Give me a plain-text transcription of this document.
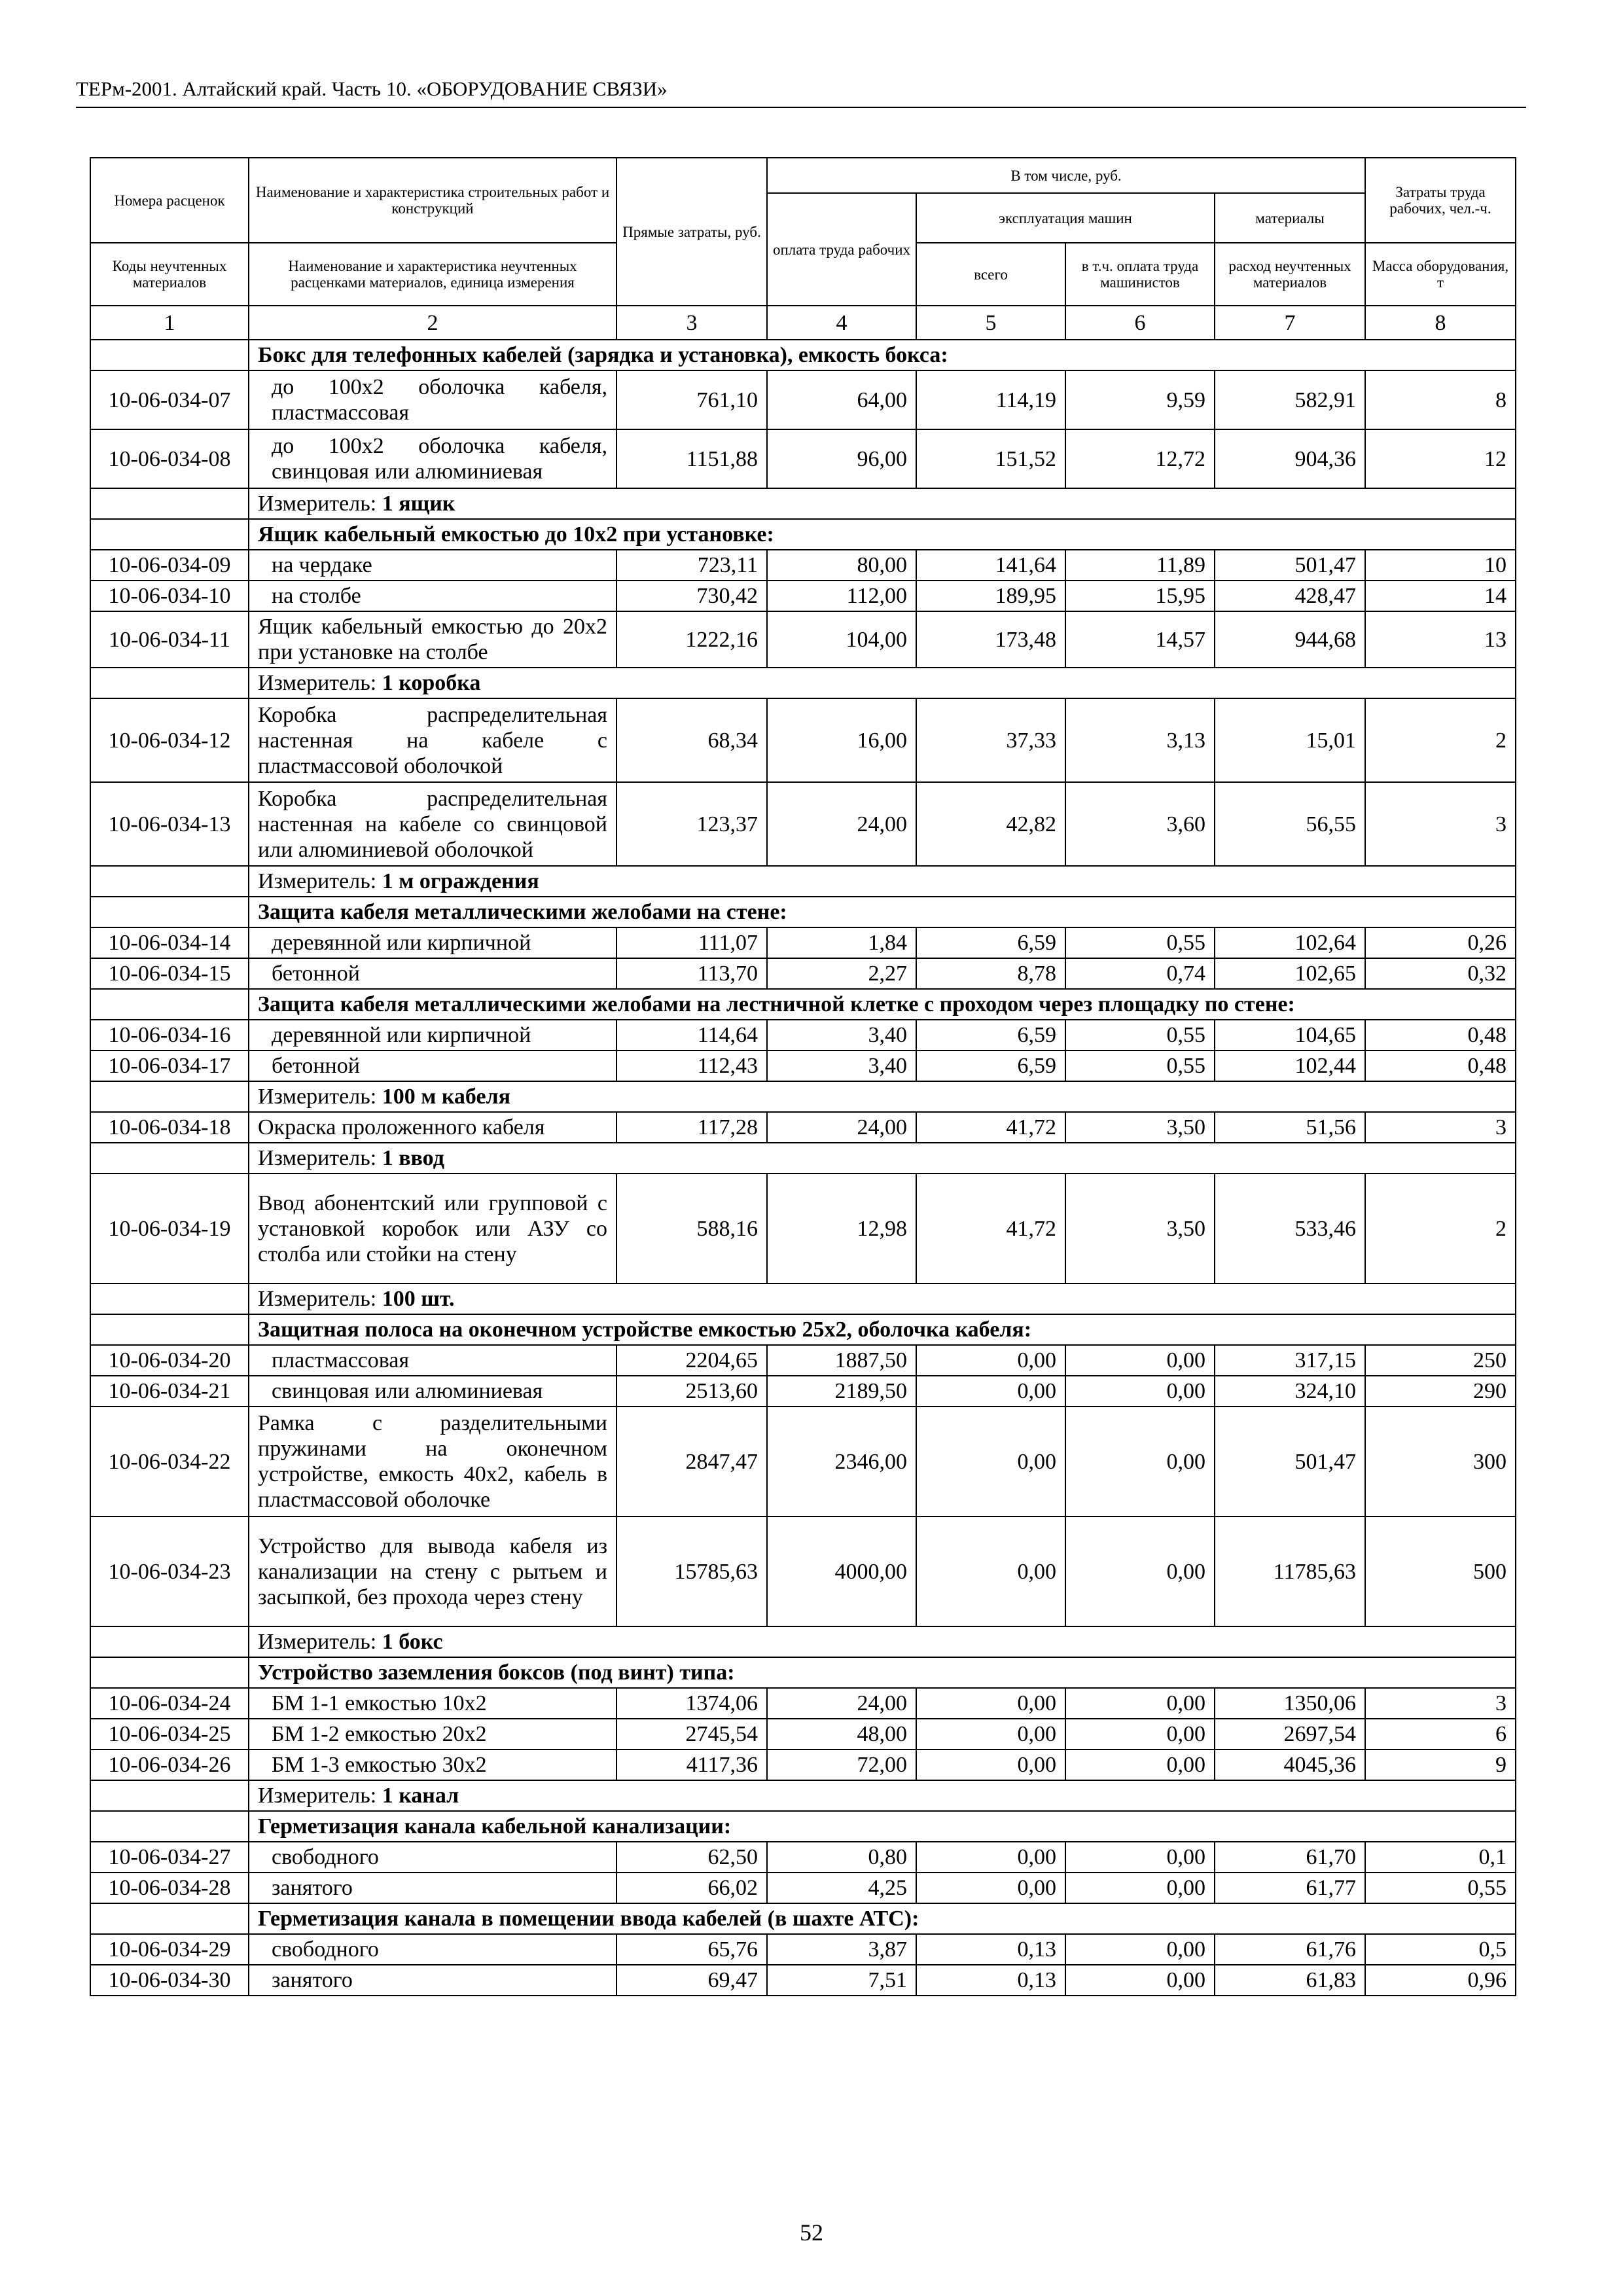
ТЕРм-2001. Алтайский край. Часть 10. «ОБОРУДОВАНИЕ СВЯЗИ»
Номера расценок	Наименование и характеристика строительных работ и конструкций	Прямые затраты, руб.	В том числе, руб.				Затраты труда рабочих, чел.-ч.
			оплата труда рабочих	эксплуатация машин		материалы	
Коды неучтенных материалов	Наименование и характеристика неучтенных расценками материалов, единица измерения			всего	в т.ч. оплата труда машинистов	расход неучтенных материалов	Масса оборудования, т
1	2	3	4	5	6	7	8
	Бокс для телефонных кабелей (зарядка и установка), емкость бокса:						
10-06-034-07	до 100х2 оболочка кабеля, пластмассовая	761,10	64,00	114,19	9,59	582,91	8
10-06-034-08	до 100х2 оболочка кабеля, свинцовая или алюминиевая	1151,88	96,00	151,52	12,72	904,36	12
	Измеритель: 1 ящик						
	Ящик кабельный емкостью до 10х2 при установке:						
10-06-034-09	на чердаке	723,11	80,00	141,64	11,89	501,47	10
10-06-034-10	на столбе	730,42	112,00	189,95	15,95	428,47	14
10-06-034-11	Ящик кабельный емкостью до 20х2 при установке на столбе	1222,16	104,00	173,48	14,57	944,68	13
	Измеритель: 1 коробка						
10-06-034-12	Коробка распределительная настенная на кабеле с пластмассовой оболочкой	68,34	16,00	37,33	3,13	15,01	2
10-06-034-13	Коробка распределительная настенная на кабеле со свинцовой или алюминиевой оболочкой	123,37	24,00	42,82	3,60	56,55	3
	Измеритель: 1 м ограждения						
	Защита кабеля металлическими желобами на стене:						
10-06-034-14	деревянной или кирпичной	111,07	1,84	6,59	0,55	102,64	0,26
10-06-034-15	бетонной	113,70	2,27	8,78	0,74	102,65	0,32
	Защита кабеля металлическими желобами на лестничной клетке с проходом через площадку по стене:						
10-06-034-16	деревянной или кирпичной	114,64	3,40	6,59	0,55	104,65	0,48
10-06-034-17	бетонной	112,43	3,40	6,59	0,55	102,44	0,48
	Измеритель: 100 м кабеля						
10-06-034-18	Окраска проложенного кабеля	117,28	24,00	41,72	3,50	51,56	3
	Измеритель: 1 ввод						
10-06-034-19	Ввод абонентский или групповой с установкой коробок или АЗУ со столба или стойки на стену	588,16	12,98	41,72	3,50	533,46	2
	Измеритель: 100 шт.						
	Защитная полоса на оконечном устройстве емкостью 25х2, оболочка кабеля:						
10-06-034-20	пластмассовая	2204,65	1887,50	0,00	0,00	317,15	250
10-06-034-21	свинцовая или алюминиевая	2513,60	2189,50	0,00	0,00	324,10	290
10-06-034-22	Рамка с разделительными пружинами на оконечном устройстве, емкость 40х2, кабель в пластмассовой оболочке	2847,47	2346,00	0,00	0,00	501,47	300
10-06-034-23	Устройство для вывода кабеля из канализации на стену с рытьем и засыпкой, без прохода через стену	15785,63	4000,00	0,00	0,00	11785,63	500
	Измеритель: 1 бокс						
	Устройство заземления боксов (под винт) типа:						
10-06-034-24	БМ 1-1 емкостью 10х2	1374,06	24,00	0,00	0,00	1350,06	3
10-06-034-25	БМ 1-2 емкостью 20х2	2745,54	48,00	0,00	0,00	2697,54	6
10-06-034-26	БМ 1-3 емкостью 30х2	4117,36	72,00	0,00	0,00	4045,36	9
	Измеритель: 1 канал						
	Герметизация канала кабельной канализации:						
10-06-034-27	свободного	62,50	0,80	0,00	0,00	61,70	0,1
10-06-034-28	занятого	66,02	4,25	0,00	0,00	61,77	0,55
	Герметизация канала в помещении ввода кабелей (в шахте АТС):						
10-06-034-29	свободного	65,76	3,87	0,13	0,00	61,76	0,5
10-06-034-30	занятого	69,47	7,51	0,13	0,00	61,83	0,96
52
